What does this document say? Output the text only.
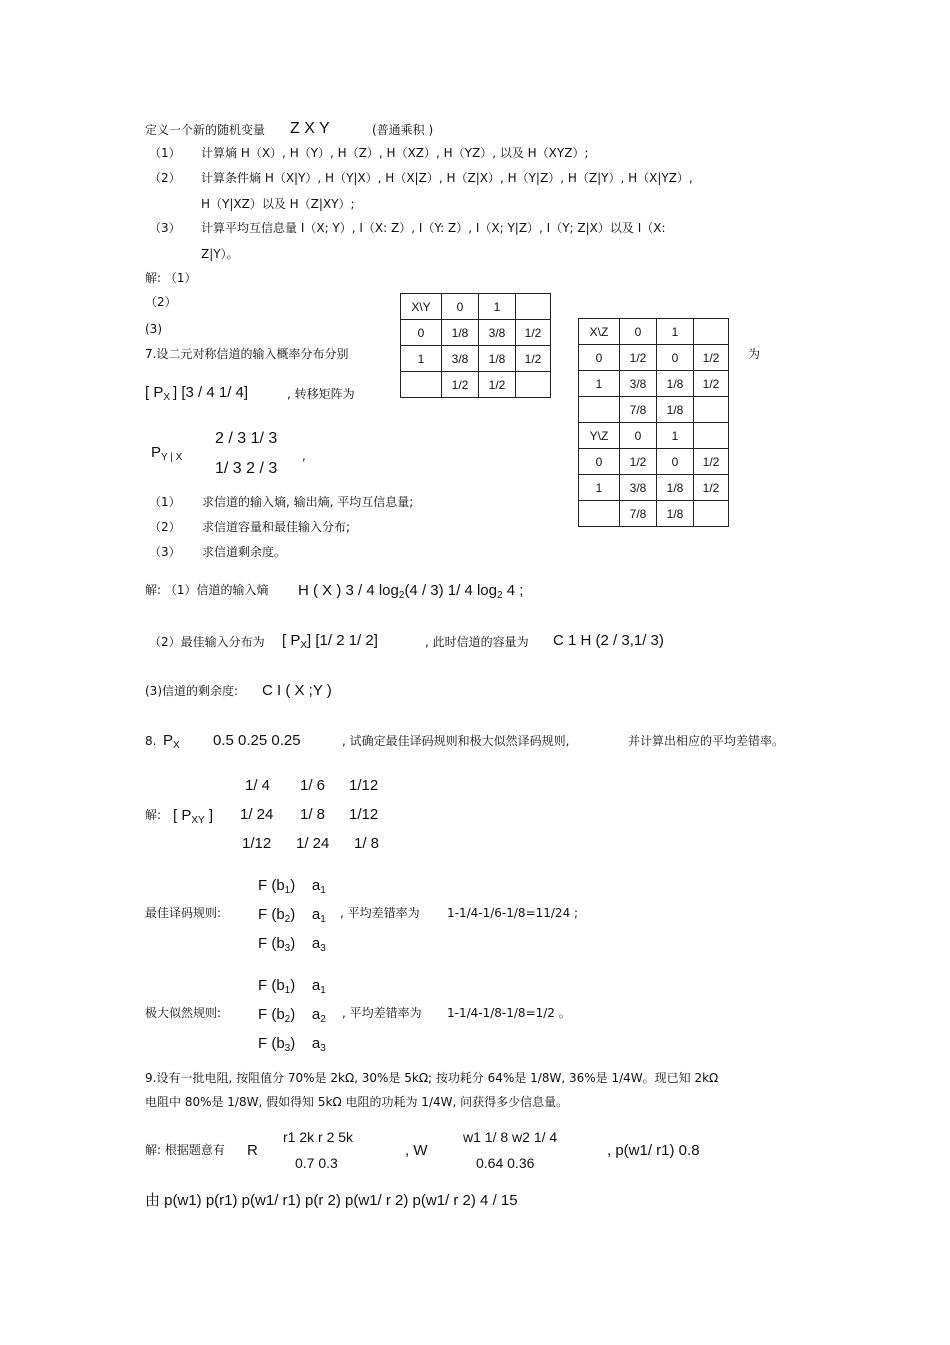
定义一个新的随机变量 Z X Y	(普通乘积 )
（1） 计算熵 H（X）, H（Y）, H（Z）, H（XZ）, H（YZ）, 以及 H（XYZ）;
（2） 计算条件熵 H（X|Y）, H（Y|X）, H（X|Z）, H（Z|X）, H（Y|Z）, H（Z|Y）, H（X|YZ）,
H（Y|XZ）以及 H（Z|XY）;
（3） 计算平均互信息量 I（X; Y）, I（X: Z）, I（Y: Z）, I（X; Y|Z）, I（Y; Z|X）以及 I（X:
Z|Y）。
解: （1）
（2）
(3)
X\Y	0	1	
0	1/8	3/8	1/2
1	3/8	1/8	1/2
	1/2	1/2	
X\Z	0	1	
0	1/2	0	1/2
1	3/8	1/8	1/2
	7/8	1/8	
Y\Z	0	1	
0	1/2	0	1/2
1	3/8	1/8	1/2
	7/8	1/8	
7.设二元对称信道的输入概率分布分别	为
[ $P_X$ ] [3 / 4 1/ 4]	, 转移矩阵为
$P_{Y | X}$
2 / 3 1/ 3
1/ 3 2 / 3
,
（1） 求信道的输入熵, 输出熵, 平均互信息量;
（2） 求信道容量和最佳输入分布;
（3） 求信道剩余度。
解: （1）信道的输入熵 H ( X ) 3 / 4 $\log_2(4 / 3)$ 1/ 4 $\log_2 4$ ;
（2）最佳输入分布为 [ $P_X$] [1/ 2 1/ 2]	, 此时信道的容量为 C 1 H (2 / 3,1/ 3)
(3)信道的剩余度: C I ( X ;Y )
8. $P_X$ 0.5 0.25 0.25	, 试确定最佳译码规则和极大似然译码规则,	并计算出相应的平均差错率。
解: [ $P_{XY}$ ]
1/ 4 1/ 6 1/12
1/ 24 1/ 8 1/12
1/12 1/ 24 1/ 8
最佳译码规则:
F $(b_1)$ $a_1$
F $(b_2)$ $a_1$
F $(b_3)$ $a_3$
, 平均差错率为 1-1/4-1/6-1/8=11/24 ;
极大似然规则:
F $(b_1)$ $a_1$
F $(b_2)$ $a_2$
F $(b_3)$ $a_3$
, 平均差错率为 1-1/4-1/8-1/8=1/2 。
9.设有一批电阻, 按阻值分 70%是 2kΩ, 30%是 5kΩ; 按功耗分 64%是 1/8W, 36%是 1/4W。现已知 2kΩ
电阻中 80%是 1/8W, 假如得知 5kΩ 电阻的功耗为 1/4W, 问获得多少信息量。
解: 根据题意有 R
r1 2k r 2 5k
0.7 0.3
, W
w1 1/ 8 w2 1/ 4
0.64 0.36
, p(w1/ r1) 0.8
由 p(w1) p(r1) p(w1/ r1) p(r 2) p(w1/ r 2) p(w1/ r 2) 4 / 15
